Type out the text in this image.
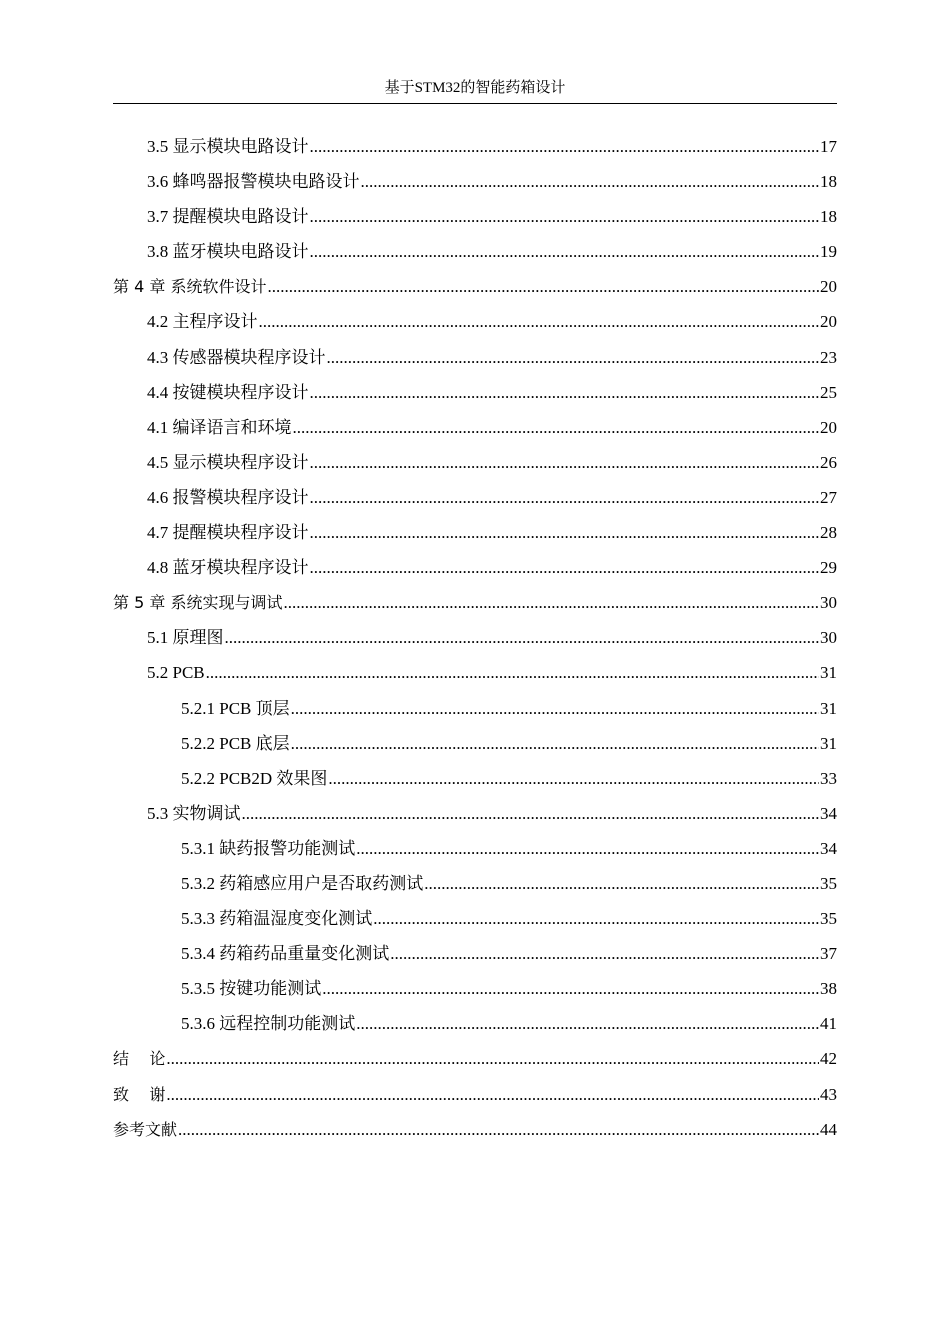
基于STM32的智能药箱设计
3.5 显示模块电路设计 .....	17
3.6 蜂鸣器报警模块电路设计 .....	18
3.7 提醒模块电路设计 .....	18
3.8 蓝牙模块电路设计 .....	19
第 4 章 系统软件设计 .....	20
4.2 主程序设计 .....	20
4.3 传感器模块程序设计 .....	23
4.4 按键模块程序设计 .....	25
4.1 编译语言和环境 .....	20
4.5 显示模块程序设计 .....	26
4.6 报警模块程序设计 .....	27
4.7 提醒模块程序设计 .....	28
4.8 蓝牙模块程序设计 .....	29
第 5 章 系统实现与调试 .....	30
5.1 原理图 .....	30
5.2 PCB .....	31
5.2.1 PCB 顶层 .....	31
5.2.2 PCB 底层 .....	31
5.2.2 PCB2D 效果图 .....	33
5.3 实物调试 .....	34
5.3.1 缺药报警功能测试 .....	34
5.3.2 药箱感应用户是否取药测试 .....	35
5.3.3 药箱温湿度变化测试 .....	35
5.3.4 药箱药品重量变化测试 .....	37
5.3.5 按键功能测试 .....	38
5.3.6 远程控制功能测试 .....	41
结    论 .....	42
致    谢 .....	43
参考文献 .....	44
